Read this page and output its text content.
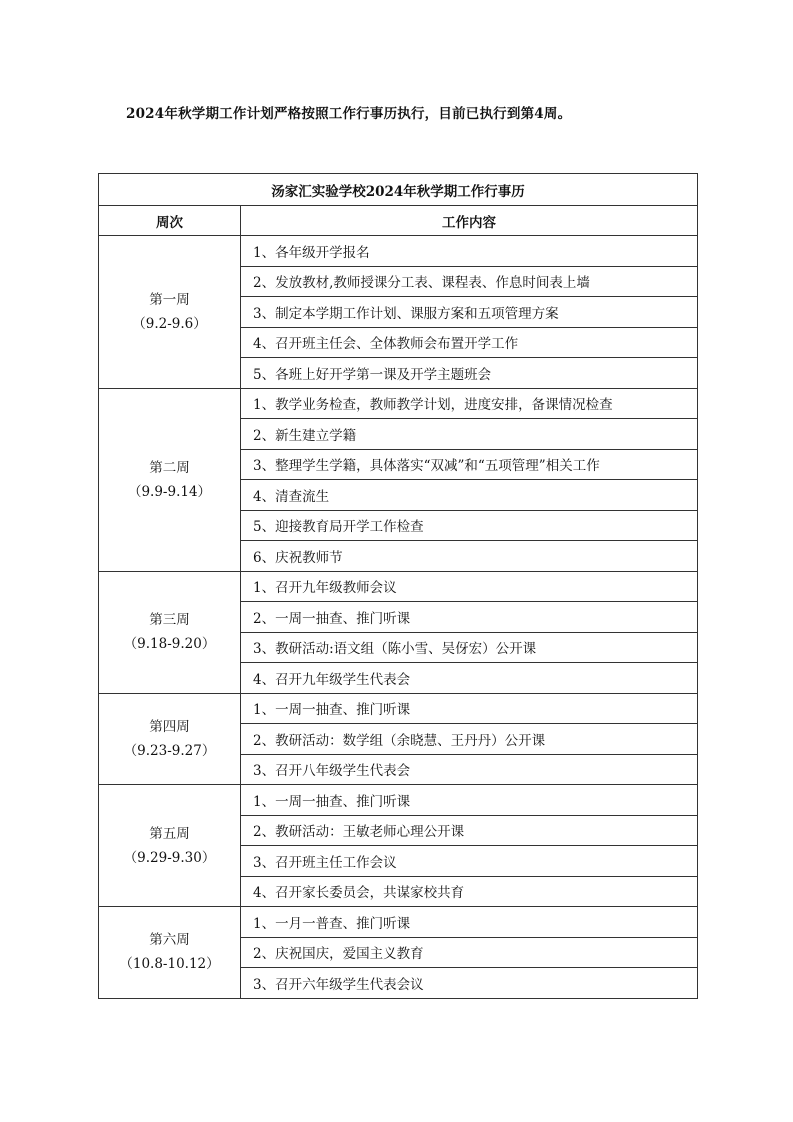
2024年秋学期工作计划严格按照工作行事历执行，目前已执行到第4周。
汤家汇实验学校2024年秋学期工作行事历	
周次	工作内容
第一周
（9.2-9.6）	1、各年级开学报名
	2、发放教材,教师授课分工表、课程表、作息时间表上墙
	3、制定本学期工作计划、课服方案和五项管理方案
	4、召开班主任会、全体教师会布置开学工作
	5、各班上好开学第一课及开学主题班会
第二周
（9.9-9.14）	1、教学业务检查，教师教学计划，进度安排，备课情况检查
	2、新生建立学籍
	3、整理学生学籍，具体落实“双减”和“五项管理”相关工作
	4、清查流生
	5、迎接教育局开学工作检查
	6、庆祝教师节
第三周
（9.18-9.20）	1、召开九年级教师会议
	2、一周一抽查、推门听课
	3、教研活动:语文组（陈小雪、吴伢宏）公开课
	4、召开九年级学生代表会
第四周
（9.23-9.27）	1、一周一抽查、推门听课
	2、教研活动：数学组（余晓慧、王丹丹）公开课
	3、召开八年级学生代表会
第五周
（9.29-9.30）	1、一周一抽查、推门听课
	2、教研活动：王敏老师心理公开课
	3、召开班主任工作会议
	4、召开家长委员会，共谋家校共育
第六周
（10.8-10.12）	1、一月一普查、推门听课
	2、庆祝国庆，爱国主义教育
	3、召开六年级学生代表会议
